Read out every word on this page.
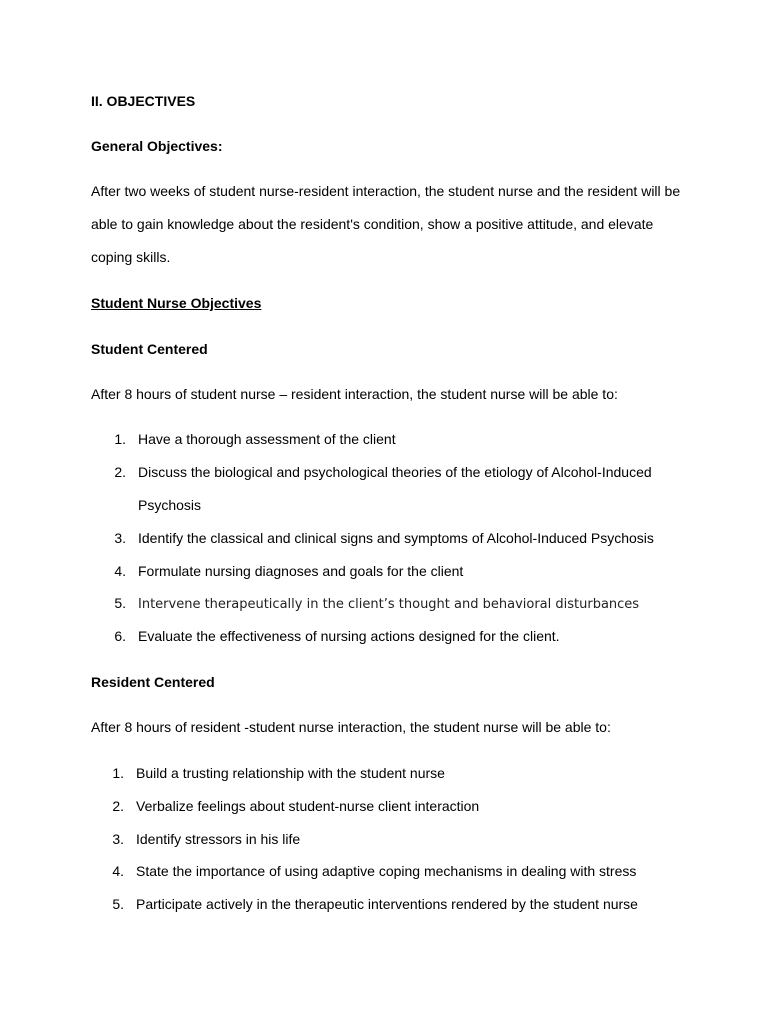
II. OBJECTIVES
General Objectives:
After two weeks of student nurse-resident interaction, the student nurse and the resident will be
able to gain knowledge about the resident's condition, show a positive attitude, and elevate
coping skills.
Student Nurse Objectives
Student Centered
After 8 hours of student nurse – resident interaction, the student nurse will be able to:
1. Have a thorough assessment of the client
2. Discuss the biological and psychological theories of the etiology of Alcohol-Induced
Psychosis
3. Identify the classical and clinical signs and symptoms of Alcohol-Induced Psychosis
4. Formulate nursing diagnoses and goals for the client
5. Intervene therapeutically in the client’s thought and behavioral disturbances
6. Evaluate the effectiveness of nursing actions designed for the client.
Resident Centered
After 8 hours of resident -student nurse interaction, the student nurse will be able to:
1. Build a trusting relationship with the student nurse
2. Verbalize feelings about student-nurse client interaction
3. Identify stressors in his life
4. State the importance of using adaptive coping mechanisms in dealing with stress
5. Participate actively in the therapeutic interventions rendered by the student nurse
